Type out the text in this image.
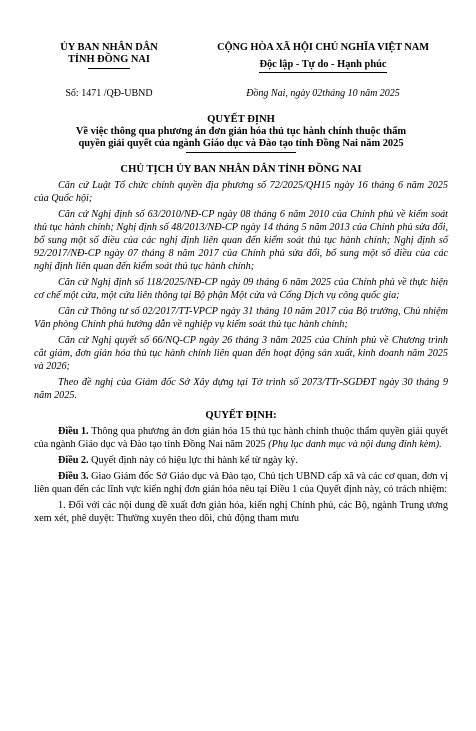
ỦY BAN NHÂN DÂN
TỈNH ĐỒNG NAI
CỘNG HÒA XÃ HỘI CHỦ NGHĨA VIỆT NAM
Độc lập - Tự do - Hạnh phúc
Số: 1471 /QĐ-UBND	Đồng Nai, ngày 02tháng 10 năm 2025
QUYẾT ĐỊNH
Về việc thông qua phương án đơn giản hóa thủ tục hành chính thuộc thẩm
quyền giải quyết của ngành Giáo dục và Đào tạo tỉnh Đồng Nai năm 2025
CHỦ TỊCH ỦY BAN NHÂN DÂN TỈNH ĐỒNG NAI

Căn cứ Luật Tổ chức chính quyền địa phương số 72/2025/QH15 ngày 16 tháng 6 năm 2025 của Quốc hội;

Căn cứ Nghị định số 63/2010/NĐ-CP ngày 08 tháng 6 năm 2010 của Chính phủ về kiểm soát thủ tục hành chính; Nghị định số 48/2013/NĐ-CP ngày 14 tháng 5 năm 2013 của Chính phủ sửa đổi, bổ sung một số điều của các nghị định liên quan đến kiểm soát thủ tục hành chính; Nghị định số 92/2017/NĐ-CP ngày 07 tháng 8 năm 2017 của Chính phủ sửa đổi, bổ sung một số điều của các nghị định liên quan đến kiểm soát thủ tục hành chính;

Căn cứ Nghị định số 118/2025/NĐ-CP ngày 09 tháng 6 năm 2025 của Chính phủ về thực hiện cơ chế một cửa, một cửa liên thông tại Bộ phận Một cửa và Cổng Dịch vụ công quốc gia;

Căn cứ Thông tư số 02/2017/TT-VPCP ngày 31 tháng 10 năm 2017 của Bộ trưởng, Chủ nhiệm Văn phòng Chính phủ hướng dẫn về nghiệp vụ kiểm soát thủ tục hành chính;

Căn cứ Nghị quyết số 66/NQ-CP ngày 26 tháng 3 năm 2025 của Chính phủ về Chương trình cắt giảm, đơn giản hóa thủ tục hành chính liên quan đến hoạt động sản xuất, kinh doanh năm 2025 và 2026;

Theo đề nghị của Giám đốc Sở Xây dựng tại Tờ trình số 2073/TTr-SGDĐT ngày 30 tháng 9 năm 2025.

QUYẾT ĐỊNH:

Điều 1. Thông qua phương án đơn giản hóa 15 thủ tục hành chính thuộc thẩm quyền giải quyết của ngành Giáo dục và Đào tạo tỉnh Đồng Nai năm 2025 (Phụ lục danh mục và nội dung đính kèm).

Điều 2. Quyết định này có hiệu lực thi hành kể từ ngày ký.

Điều 3. Giao Giám đốc Sở Giáo dục và Đào tạo, Chủ tịch UBND cấp xã và các cơ quan, đơn vị liên quan đến các lĩnh vực kiến nghị đơn giản hóa nêu tại Điều 1 của Quyết định này, có trách nhiệm:

1. Đối với các nội dung đề xuất đơn giản hóa, kiến nghị Chính phủ, các Bộ, ngành Trung ương xem xét, phê duyệt: Thường xuyên theo dõi, chủ động tham mưu
